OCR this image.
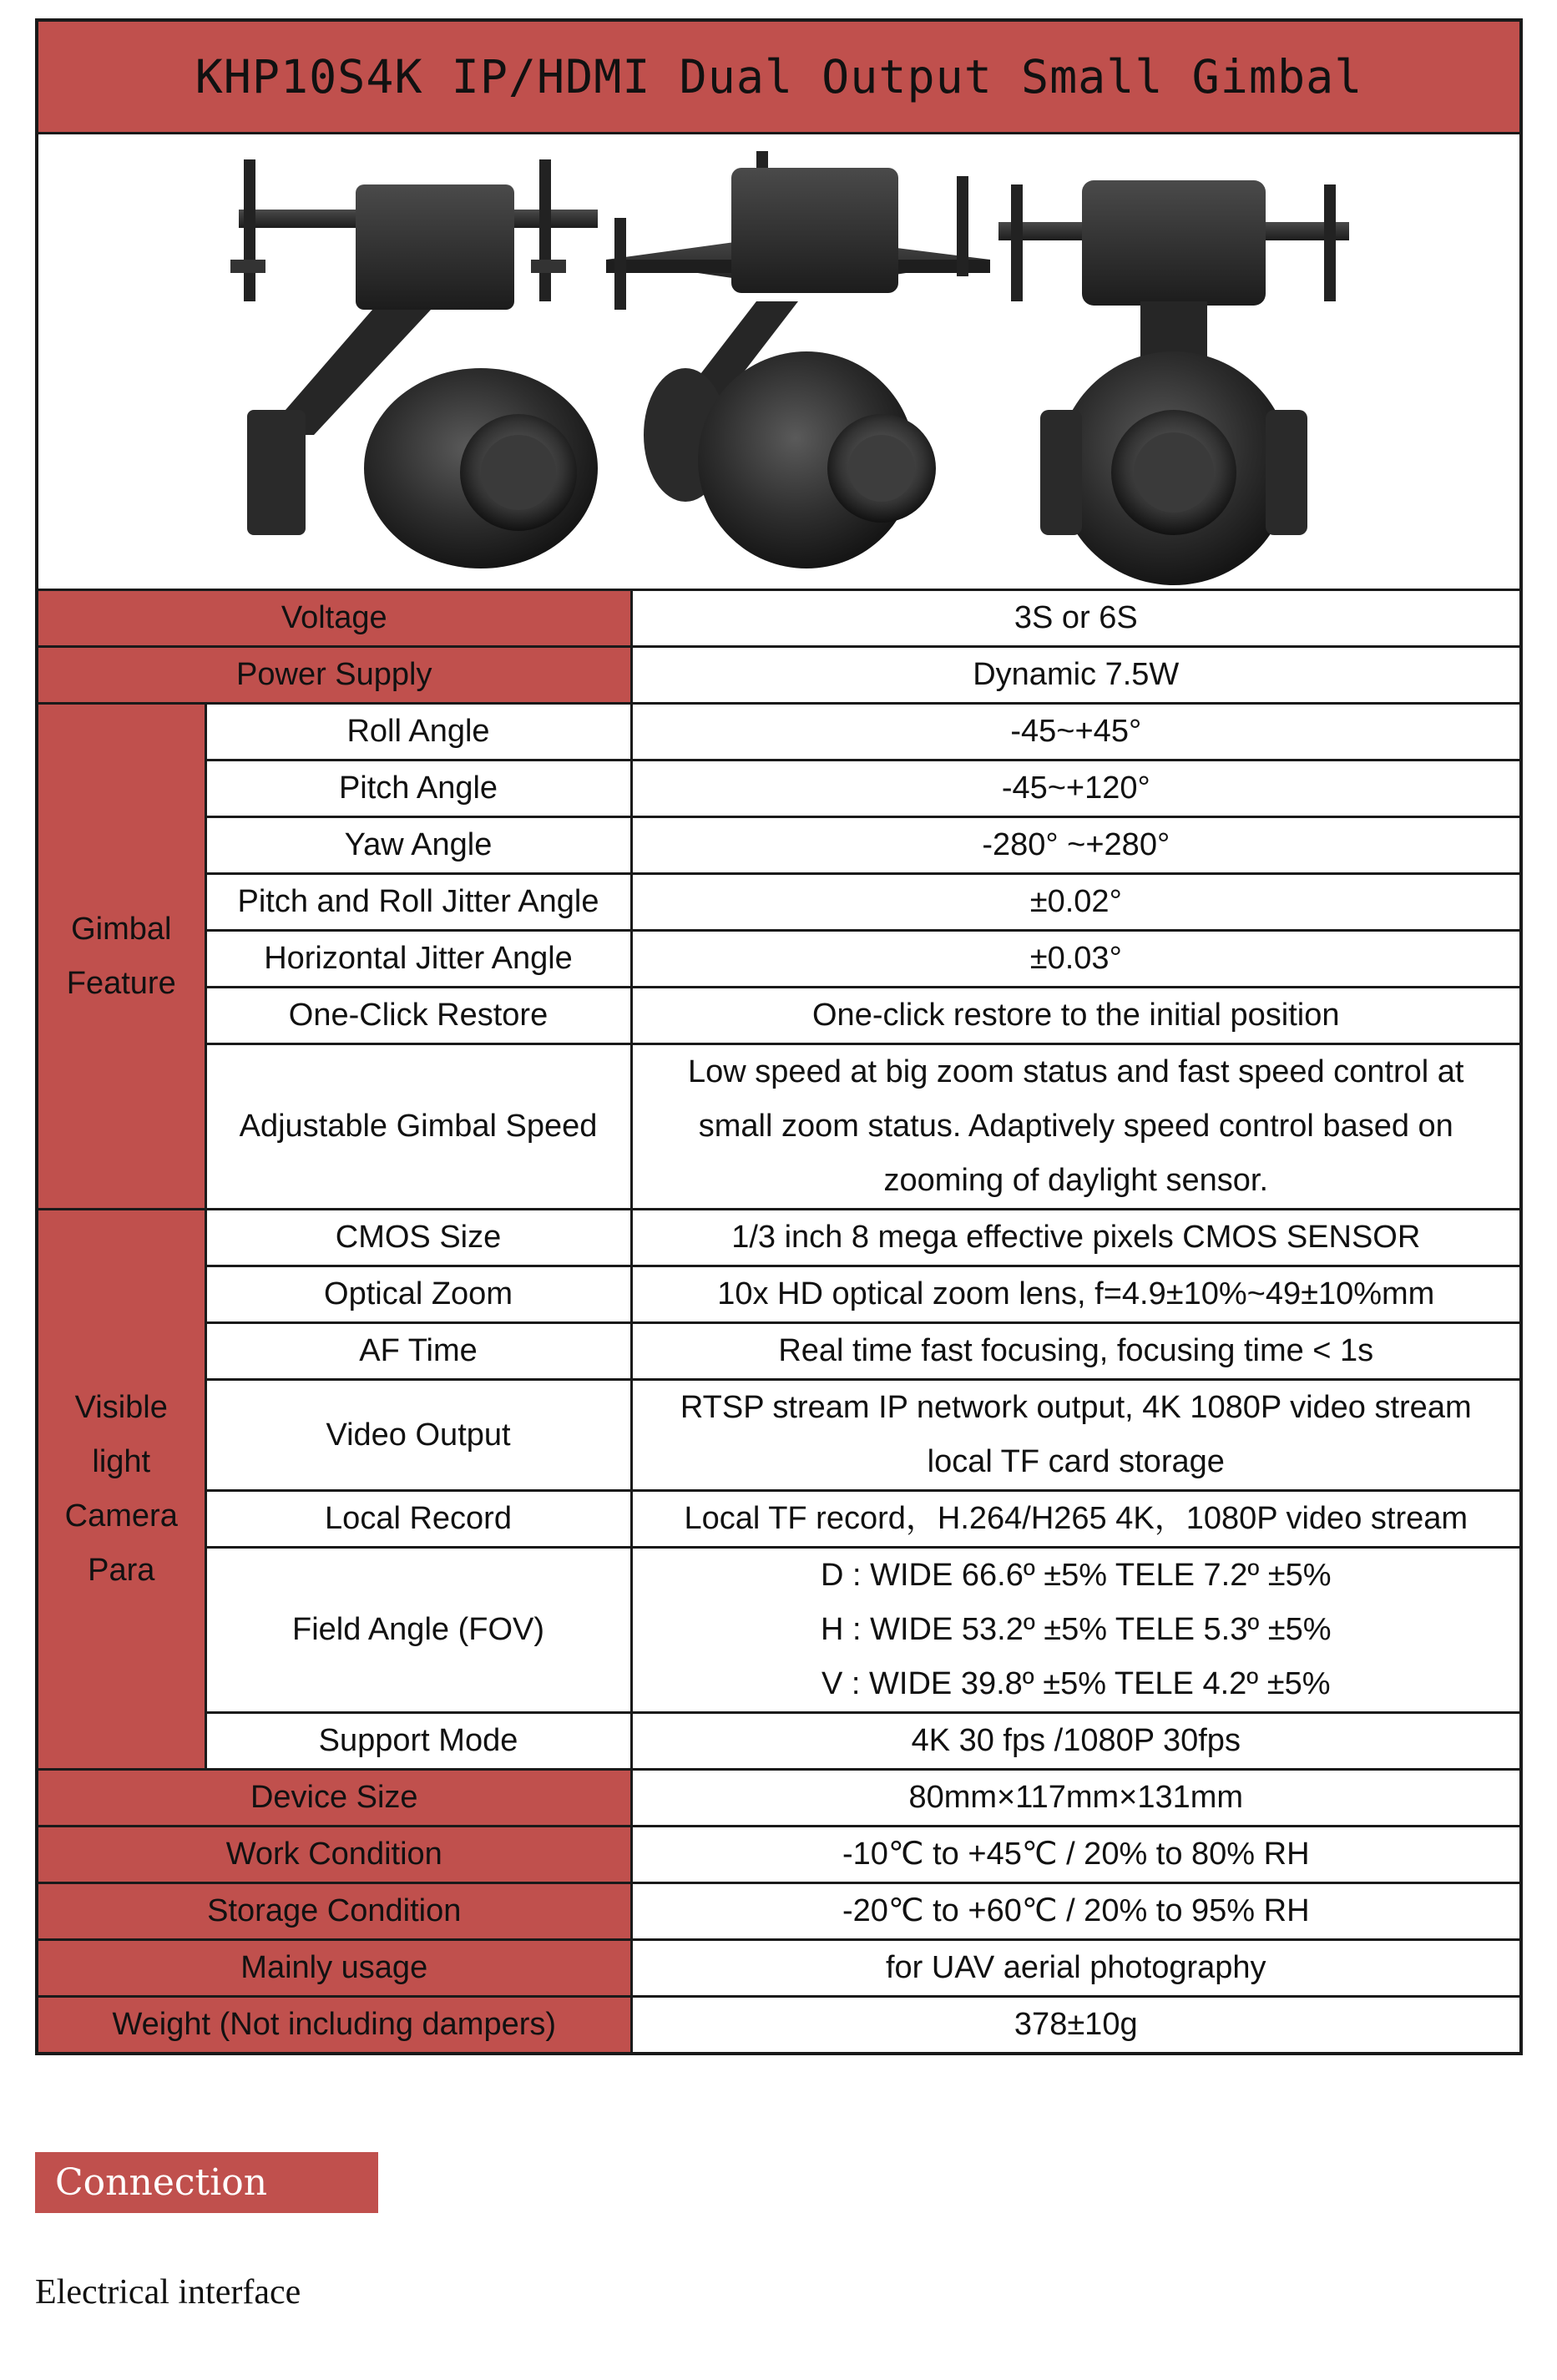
KHP10S4K IP/HDMI Dual Output Small Gimbal
Voltage		3S or 6S
Power Supply		Dynamic 7.5W

Gimbal
Feature	Roll Angle	-45~+45°
	Pitch Angle	-45~+120°
	Yaw Angle	-280° ~+280°
	Pitch and Roll Jitter Angle	±0.02°
	Horizontal Jitter Angle	±0.03°
	One-Click Restore	One-click restore to the initial position
	Adjustable Gimbal Speed	Low speed at big zoom status and fast speed control at
small zoom status. Adaptively speed control based on
zooming of daylight sensor.

Visible
light
Camera
Para	CMOS Size	1/3 inch 8 mega effective pixels CMOS SENSOR
	Optical Zoom	10x HD optical zoom lens, f=4.9±10%~49±10%mm
	AF Time	Real time fast focusing, focusing time < 1s
	Video Output	RTSP stream IP network output, 4K 1080P video stream
local TF card storage

	Local Record	Local TF record，H.264/H265 4K，1080P video stream
	Field Angle (FOV)	D : WIDE 66.6º ±5% TELE 7.2º ±5%
H : WIDE 53.2º ±5% TELE 5.3º ±5%
V : WIDE 39.8º ±5% TELE 4.2º ±5%

	Support Mode	4K 30 fps /1080P 30fps
Device Size		80mm×117mm×131mm
Work Condition		-10℃ to +45℃ / 20% to 80% RH
Storage Condition		-20℃ to +60℃ / 20% to 95% RH
Mainly usage		for UAV aerial photography
Weight (Not including dampers)		378±10g
Connection
Electrical interface
